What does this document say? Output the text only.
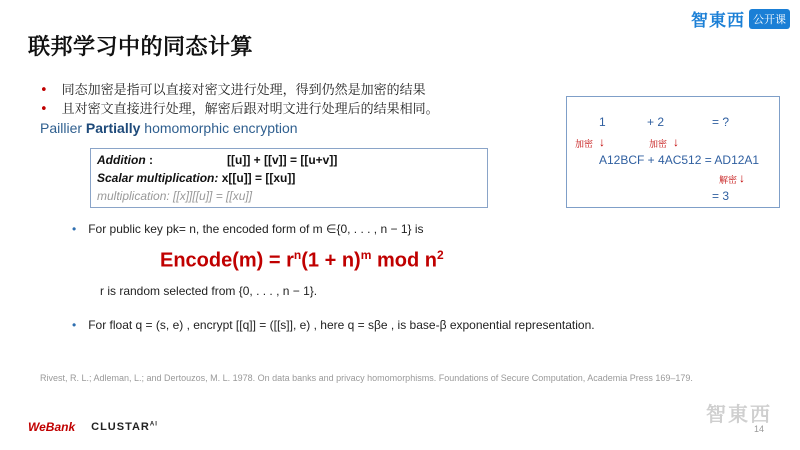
联邦学习中的同态计算
智東西 公开课
• 同态加密是指可以直接对密文进行处理，得到仍然是加密的结果
• 且对密文直接进行处理，解密后跟对明文进行处理后的结果相同。
Paillier Partially homomorphic encryption
Addition :	[[u]] + [[v]] = [[u+v]]
Scalar multiplication: x[[u]] = [[xu]]
multiplication: [[x]][[u]] = [[xu]]
1	+ 2	= ?
加密 ↓	加密 ↓
A12BCF + 4AC512 = AD12A1
解密 ↓
= 3
• For public key pk= n, the encoded form of m ∈{0, . . . , n − 1} is
Encode(m) = $r^n(1 + n)^m$ mod $n^2$
r is random selected from {0, . . . , n − 1}.
• For float q = (s, e) , encrypt [[q]] = ([[s]], e) , here q = sβe , is base-β exponential representation.
Rivest, R. L.; Adleman, L.; and Dertouzos, M. L. 1978. On data banks and privacy homomorphisms. Foundations of Secure Computation, Academia Press 169–179.
WeBank $CLUSTAR^{AI}$	智東西
14
